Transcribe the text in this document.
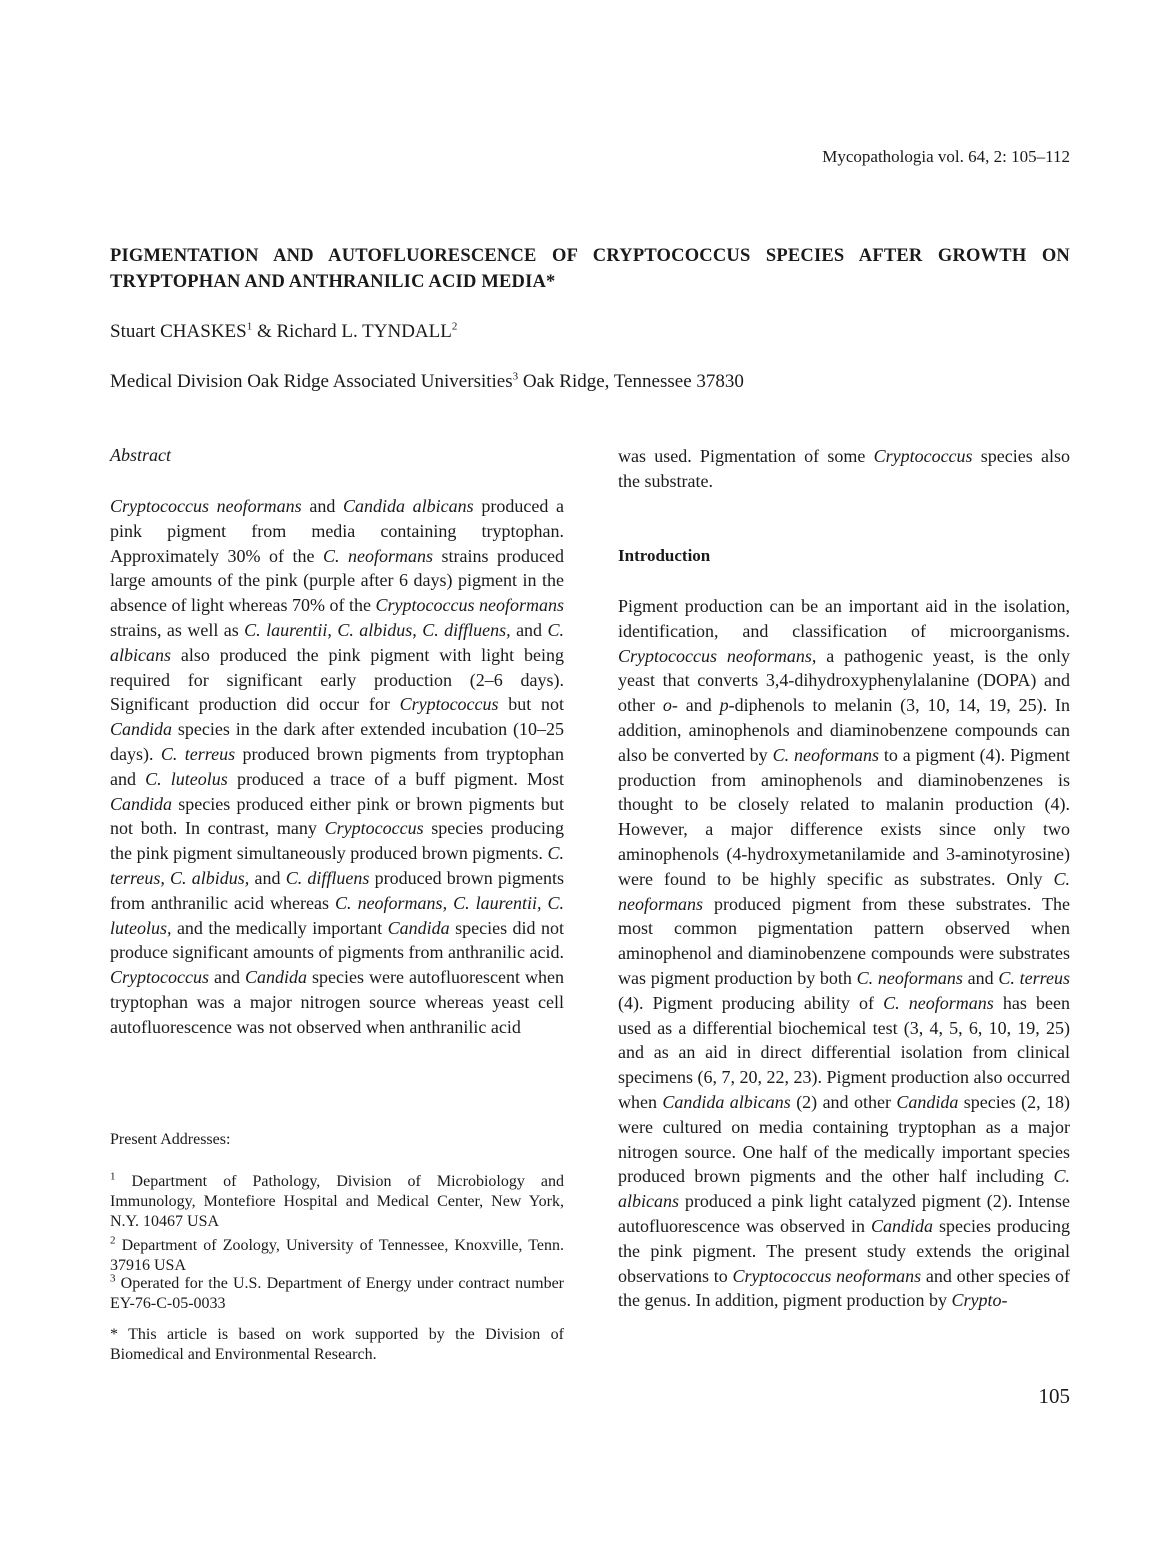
Mycopathologia vol. 64, 2: 105–112
PIGMENTATION AND AUTOFLUORESCENCE OF CRYPTOCOCCUS SPECIES AFTER GROWTH ON TRYPTOPHAN AND ANTHRANILIC ACID MEDIA*
Stuart CHASKES$^1$ & Richard L. TYNDALL$^2$
Medical Division Oak Ridge Associated Universities$^3$ Oak Ridge, Tennessee 37830
Abstract

Cryptococcus neoformans and Candida albicans produced a pink pigment from media containing tryptophan. Approximately 30% of the C. neoformans strains produced large amounts of the pink (purple after 6 days) pigment in the absence of light whereas 70% of the Cryptococcus neoformans strains, as well as C. laurentii, C. albidus, C. diffluens, and C. albicans also produced the pink pigment with light being required for significant early production (2–6 days). Significant production did occur for Cryptococcus but not Candida species in the dark after extended incubation (10–25 days). C. terreus produced brown pigments from tryptophan and C. luteolus produced a trace of a buff pigment. Most Candida species produced either pink or brown pigments but not both. In contrast, many Cryptococcus species producing the pink pigment simultaneously produced brown pigments. C. terreus, C. albidus, and C. diffluens produced brown pigments from anthranilic acid whereas C. neoformans, C. laurentii, C. luteolus, and the medically important Candida species did not produce significant amounts of pigments from anthranilic acid. Cryptococcus and Candida species were autofluorescent when tryptophan was a major nitrogen source whereas yeast cell autofluorescence was not observed when anthranilic acid

Present Addresses:

$^1$ Department of Pathology, Division of Microbiology and Immunology, Montefiore Hospital and Medical Center, New York, N.Y. 10467 USA

$^2$ Department of Zoology, University of Tennessee, Knoxville, Tenn. 37916 USA

$^3$ Operated for the U.S. Department of Energy under contract number EY-76-C-05-0033

* This article is based on work supported by the Division of Biomedical and Environmental Research.

was used. Pigmentation of some Cryptococcus species also the substrate.

Introduction

Pigment production can be an important aid in the isolation, identification, and classification of microorganisms. Cryptococcus neoformans, a pathogenic yeast, is the only yeast that converts 3,4-dihydroxyphenylalanine (DOPA) and other o- and p-diphenols to melanin (3, 10, 14, 19, 25). In addition, aminophenols and diaminobenzene compounds can also be converted by C. neoformans to a pigment (4). Pigment production from aminophenols and diaminobenzenes is thought to be closely related to malanin production (4). However, a major difference exists since only two aminophenols (4-hydroxymetanilamide and 3-aminotyrosine) were found to be highly specific as substrates. Only C. neoformans produced pigment from these substrates. The most common pigmentation pattern observed when aminophenol and diaminobenzene compounds were substrates was pigment production by both C. neoformans and C. terreus (4). Pigment producing ability of C. neoformans has been used as a differential biochemical test (3, 4, 5, 6, 10, 19, 25) and as an aid in direct differential isolation from clinical specimens (6, 7, 20, 22, 23). Pigment production also occurred when Candida albicans (2) and other Candida species (2, 18) were cultured on media containing tryptophan as a major nitrogen source. One half of the medically important species produced brown pigments and the other half including C. albicans produced a pink light catalyzed pigment (2). Intense autofluorescence was observed in Candida species producing the pink pigment. The present study extends the original observations to Cryptococcus neoformans and other species of the genus. In addition, pigment production by Crypto-

105
